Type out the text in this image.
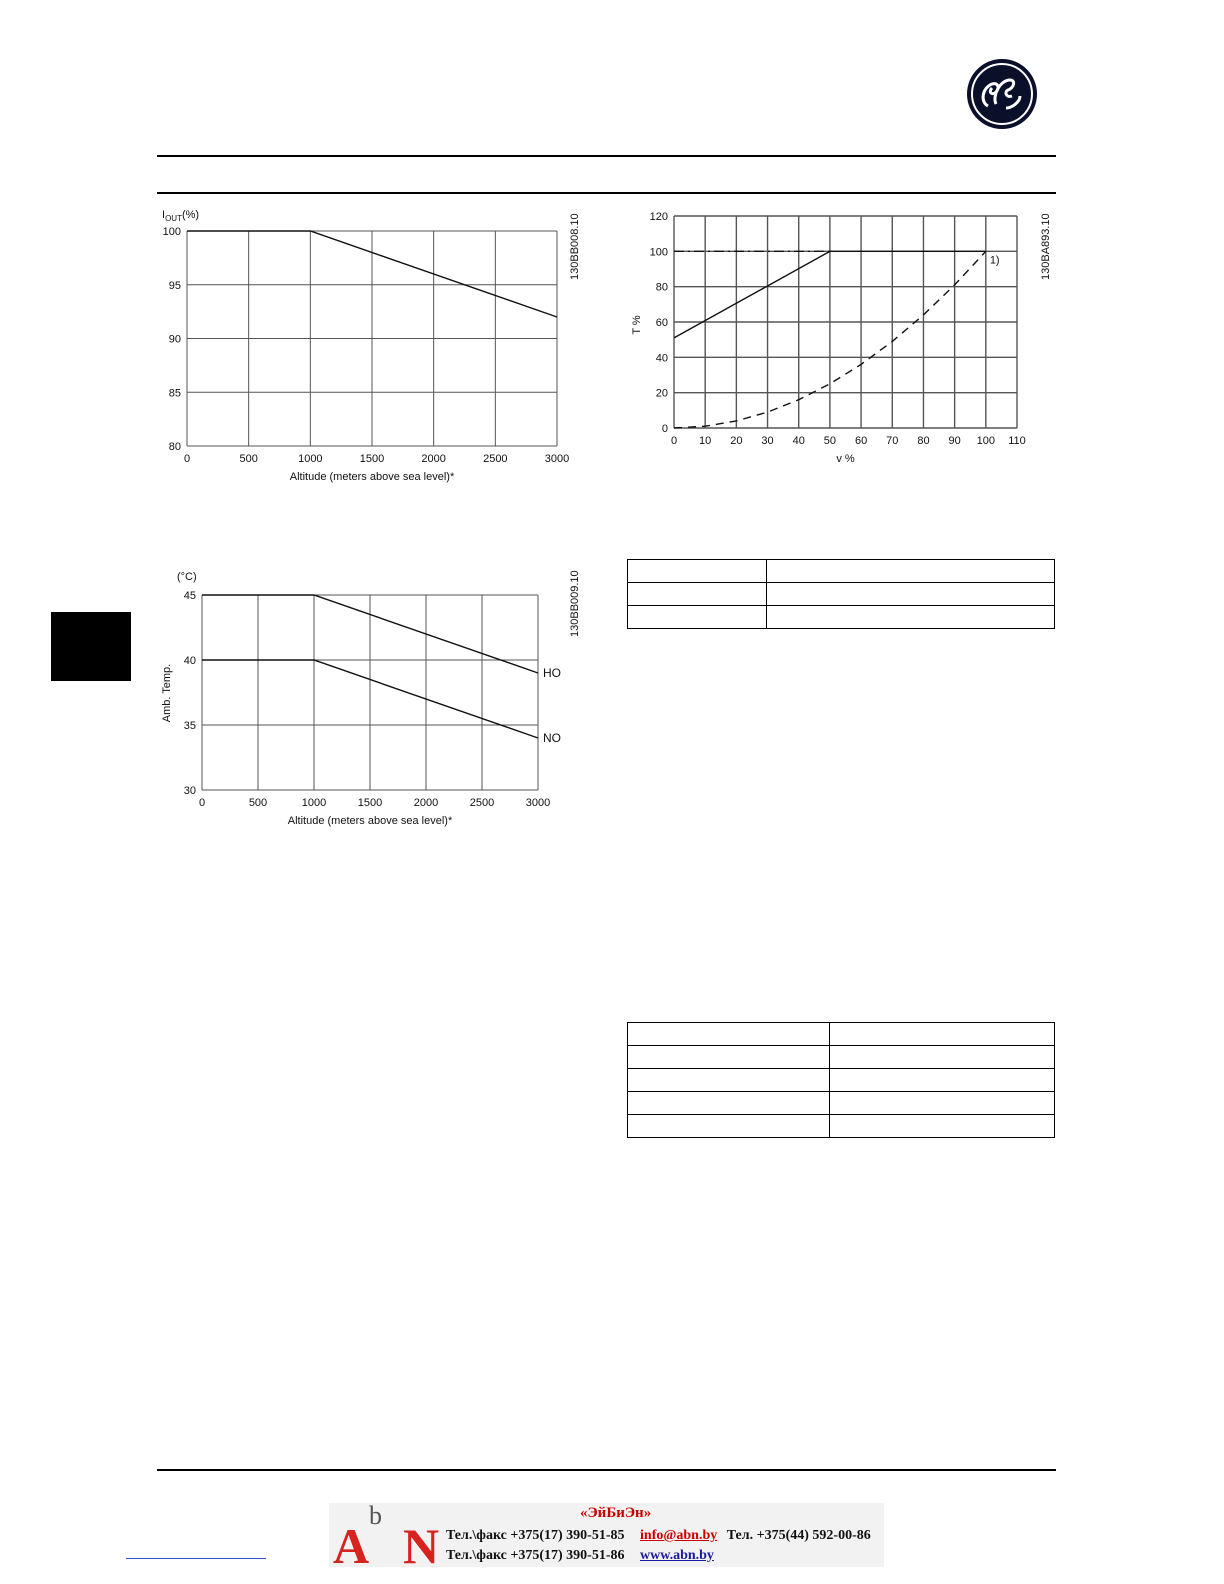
0	500	1000	1500	2000	2500	3000
80
85
90
95
100
Altitude (meters above sea level)*
$I_{OUT}(\%)$	130BB008.10
0	500	1000	1500	2000	2500	3000
30
35
40
45
Altitude (meters above sea level)*
HO
NO
(°C)
Amb. Temp.
130BB009.10
0 10 20 30 40 50 60 70 80 90 100 110
0
20
40
60
80
100
120
v %
T %
1)	130BA893.10

A
b
N
«ЭйБиЭн»
Тел.\факс +375(17) 390-51-85 info@abn.by Тел. +375(44) 592-00-86
Тел.\факс +375(17) 390-51-86 www.abn.by
